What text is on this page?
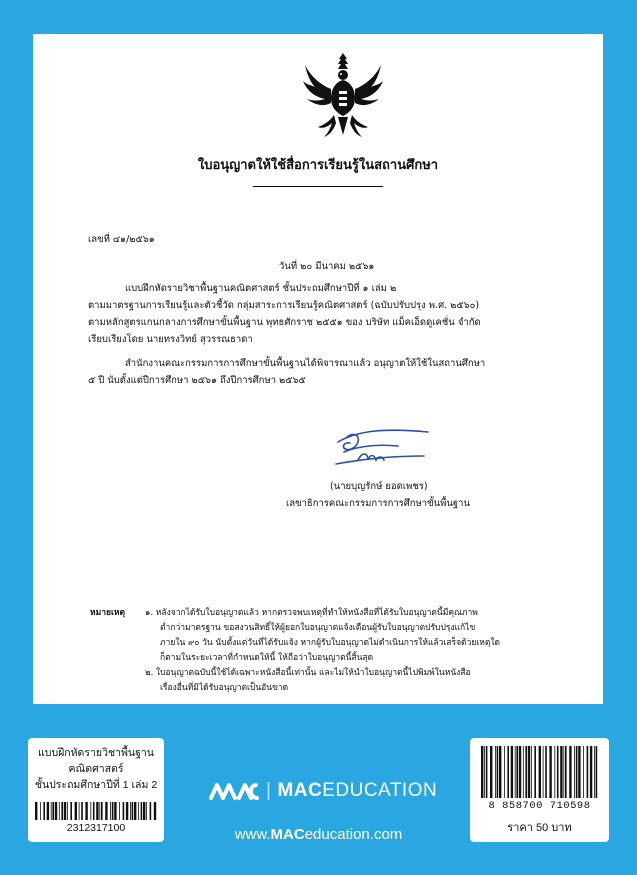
ใบอนุญาตให้ใช้สื่อการเรียนรู้ในสถานศึกษา
เลขที่ ๔๑/๒๕๖๑
วันที่ ๒๐ มีนาคม ๒๕๖๑
แบบฝึกหัดรายวิชาพื้นฐานคณิตศาสตร์ ชั้นประถมศึกษาปีที่ ๑ เล่ม ๒
ตามมาตรฐานการเรียนรู้และตัวชี้วัด กลุ่มสาระการเรียนรู้คณิตศาสตร์ (ฉบับปรับปรุง พ.ศ. ๒๕๖๐)
ตามหลักสูตรแกนกลางการศึกษาขั้นพื้นฐาน พุทธศักราช ๒๕๕๑ ของ บริษัท แม็คเอ็ดดูเคชั่น จำกัด
เรียบเรียงโดย นายทรงวิทย์ สุวรรณธาดา
สำนักงานคณะกรรมการการศึกษาขั้นพื้นฐานได้พิจารณาแล้ว อนุญาตให้ใช้ในสถานศึกษา
๕ ปี นับตั้งแต่ปีการศึกษา ๒๕๖๑ ถึงปีการศึกษา ๒๕๖๕
(นายบุญรักษ์ ยอดเพชร)
เลขาธิการคณะกรรมการการศึกษาขั้นพื้นฐาน
หมายเหตุ ๑. หลังจากได้รับใบอนุญาตแล้ว หากตรวจพบเหตุที่ทำให้หนังสือที่ได้รับใบอนุญาตนี้มีคุณภาพ
ต่ำกว่ามาตรฐาน ขอสงวนสิทธิ์ให้ผู้ยอกใบอนุญาตแจ้งเตือนผู้รับใบอนุญาตปรับปรุงแก้ไข
ภายใน ๙๐ วัน นับตั้งแต่วันที่ได้รับแจ้ง หากผู้รับใบอนุญาตไม่ดำเนินการให้แล้วเสร็จด้วยเหตุใด
ก็ตามในระยะเวลาที่กำหนดให้นี้ ให้ถือว่าใบอนุญาตนี้สิ้นสุด
๒. ใบอนุญาตฉบับนี้ใช้ได้เฉพาะหนังสือนี้เท่านั้น และไม่ให้นำใบอนุญาตนี้ไปพิมพ์ในหนังสือ
เรื่องอื่นที่มิได้รับอนุญาตเป็นอันขาด
แบบฝึกหัดรายวิชาพื้นฐาน
คณิตศาสตร์
ชั้นประถมศึกษาปีที่ 1 เล่ม 2
2312317100
| MACEDUCATION
www.MACeducation.com
8 858700 710598
ราคา 50 บาท
